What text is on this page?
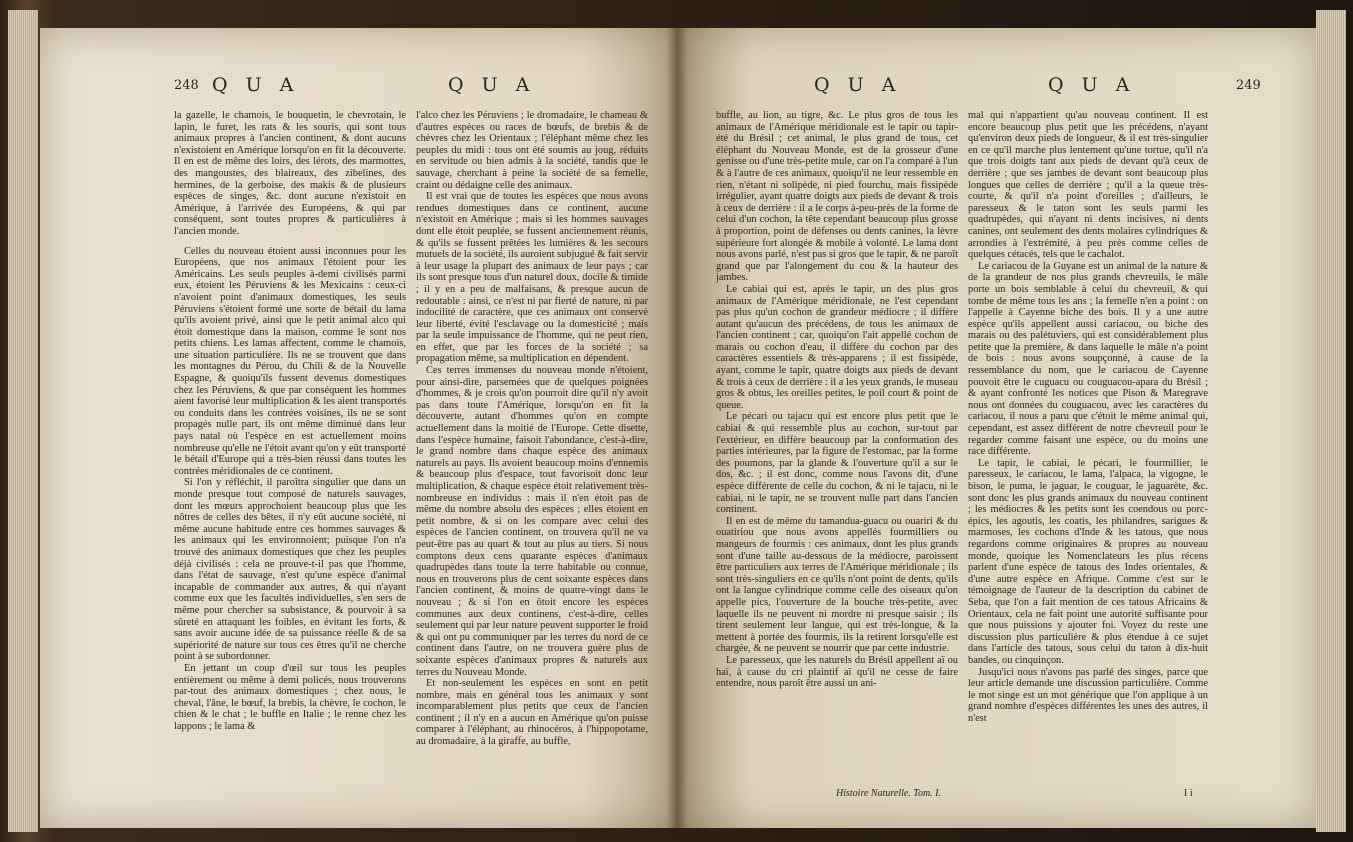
248 Q U A	Q U A

la gazelle, le chamois, le bouquetin, le chevrotain, le lapin, le furet, les rats & les souris, qui sont tous animaux propres à l'ancien continent, & dont aucuns n'existoient en Amérique lorsqu'on en fit la découverte. Il en est de même des loirs, des lérots, des marmottes, des mangoustes, des blaireaux, des zibelines, des hermines, de la gerboise, des makis & de plusieurs espèces de singes, &c. dont aucune n'existoit en Amérique, à l'arrivée des Européens, & qui par conséquent, sont toutes propres & particulières à l'ancien monde.

Celles du nouveau étoient aussi inconnues pour les Européens, que nos animaux l'étoient pour les Américains. Les seuls peuples à-demi civilisés parmi eux, étoient les Péruviens & les Mexicains : ceux-ci n'avoient point d'animaux domestiques, les seuls Péruviens s'étoient formé une sorte de bétail du lama qu'ils avoient privé, ainsi que le petit animal alco qui étoit domestique dans la maison, comme le sont nos petits chiens. Les lamas affectent, comme le chamois, une situation particulière. Ils ne se trouvent que dans les montagnes du Pérou, du Chili & de la Nouvelle Espagne, & quoiqu'ils fussent devenus domestiques chez les Péruviens, & que par conséquent les hommes aient favorisé leur multiplication & les aient transportés ou conduits dans les contrées voisines, ils ne se sont propagés nulle part, ils ont même diminué dans leur pays natal où l'espèce en est actuellement moins nombreuse qu'elle ne l'étoit avant qu'on y eût transporté le bétail d'Europe qui a très-bien réussi dans toutes les contrées méridionales de ce continent.

Si l'on y réfléchit, il paroîtra singulier que dans un monde presque tout composé de naturels sauvages, dont les mœurs approchoient beaucoup plus que les nôtres de celles des bêtes, il n'y eût aucune société, ni même aucune habitude entre ces hommes sauvages & les animaux qui les environnoient; puisque l'on n'a trouvé des animaux domestiques que chez les peuples déjà civilisés : cela ne prouve-t-il pas que l'homme, dans l'état de sauvage, n'est qu'une espèce d'animal incapable de commander aux autres, & qui n'ayant comme eux que les facultés individuelles, s'en sers de même pour chercher sa subsistance, & pourvoir à sa sûreté en attaquant les foibles, en évitant les forts, & sans avoir aucune idée de sa puissance réelle & de sa supériorité de nature sur tous ces êtres qu'il ne cherche point à se subordonner.

En jettant un coup d'œil sur tous les peuples entièrement ou même à demi policés, nous trouverons par-tout des animaux domestiques ; chez nous, le cheval, l'âne, le bœuf, la brebis, la chèvre, le cochon, le chien & le chat ; le buffle en Italie ; le renne chez les lappons ; le lama &

l'alco chez les Péruviens ; le dromadaire, le chameau & d'autres espèces ou races de bœufs, de brebis & de chèvres chez les Orientaux ; l'éléphant même chez les peuples du midi : tous ont été soumis au joug, réduits en servitude ou bien admis à la société, tandis que le sauvage, cherchant à peine la société de sa femelle, craint ou dédaigne celle des animaux.

Il est vrai que de toutes les espèces que nous avons rendues domestiques dans ce continent, aucune n'existoit en Amérique ; mais si les hommes sauvages dont elle étoit peuplée, se fussent anciennement réunis, & qu'ils se fussent prêtées les lumières & les secours mutuels de la société, ils auroient subjugué & fait servir à leur usage la plupart des animaux de leur pays ; car ils sont presque tous d'un naturel doux, docile & timide ; il y en a peu de malfaisans, & presque aucun de redoutable : ainsi, ce n'est ni par fierté de nature, ni par indocilité de caractère, que ces animaux ont conservé leur liberté, évité l'esclavage ou la domesticité ; mais par la seule impuissance de l'homme, qui ne peut rien, en effet, que par les forces de la société ; sa propagation même, sa multiplication en dépendent.

Ces terres immenses du nouveau monde n'étoient, pour ainsi-dire, parsemées que de quelques poignées d'hommes, & je crois qu'on pourroit dire qu'il n'y avoit pas dans toute l'Amérique, lorsqu'on en fit la découverte, autant d'hommes qu'on en compte actuellement dans la moitié de l'Europe. Cette disette, dans l'espèce humaine, faisoit l'abondance, c'est-à-dire, le grand nombre dans chaque espèce des animaux naturels au pays. Ils avoient beaucoup moins d'ennemis & beaucoup plus d'espace, tout favorisoit donc leur multiplication, & chaque espèce étoit relativement très-nombreuse en individus : mais il n'en étoit pas de même du nombre absolu des espèces ; elles étoient en petit nombre, & si on les compare avec celui des espèces de l'ancien continent, on trouvera qu'il ne va peut-être pas au quart & tout au plus au tiers. Si nous comptons deux cens quarante espèces d'animaux quadrupèdes dans toute la terre habitable ou connue, nous en trouverons plus de cent soixante espèces dans l'ancien continent, & moins de quatre-vingt dans le nouveau ; & si l'on en ôtoit encore les espèces communes aux deux continens, c'est-à-dire, celles seulement qui par leur nature peuvent supporter le froid & qui ont pu communiquer par les terres du nord de ce continent dans l'autre, on ne trouvera guère plus de soixante espèces d'animaux propres & naturels aux terres du Nouveau Monde.

Et non-seulement les espèces en sont en petit nombre, mais en général tous les animaux y sont incomparablement plus petits que ceux de l'ancien continent ; il n'y en a aucun en Amérique qu'on puisse comparer à l'éléphant, au rhinocéros, à l'hippopotame, au dromadaire, à la giraffe, au buffle,

Q U A	Q U A	249

buffle, au lion, au tigre, &c. Le plus gros de tous les animaux de l'Amérique méridionale est le tapir ou tapir-été du Brésil ; cet animal, le plus grand de tous, cet éléphant du Nouveau Monde, est de la grosseur d'une genisse ou d'une très-petite mule, car on l'a comparé à l'un & à l'autre de ces animaux, quoiqu'il ne leur ressemble en rien, n'étant ni solipède, ni pied fourchu, mais fissipède irrégulier, ayant quatre doigts aux pieds de devant & trois à ceux de derrière : il a le corps à-peu-près de la forme de celui d'un cochon, la tête cependant beaucoup plus grosse à proportion, point de défenses ou dents canines, la lèvre supérieure fort alongée & mobile à volonté. Le lama dont nous avons parlé, n'est pas si gros que le tapir, & ne paroît grand que par l'alongement du cou & la hauteur des jambes.

Le cabiai qui est, après le tapir, un des plus gros animaux de l'Amérique méridionale, ne l'est cependant pas plus qu'un cochon de grandeur médiocre ; il diffère autant qu'aucun des précédens, de tous les animaux de l'ancien continent ; car, quoiqu'on l'ait appellé cochon de marais ou cochon d'eau, il diffère du cochon par des caractères essentiels & très-apparens ; il est fissipède, ayant, comme le tapir, quatre doigts aux pieds de devant & trois à ceux de derrière : il a les yeux grands, le museau gros & obtus, les oreilles petites, le poil court & point de queue.

Le pécari ou tajacu qui est encore plus petit que le cabiai & qui ressemble plus au cochon, sur-tout par l'extérieur, en diffère beaucoup par la conformation des parties intérieures, par la figure de l'estomac, par la forme des poumons, par la glande & l'ouverture qu'il a sur le dos, &c. ; il est donc, comme nous l'avons dit, d'une espèce différente de celle du cochon, & ni le tajacu, ni le cabiai, ni le tapir, ne se trouvent nulle part dans l'ancien continent.

Il en est de même du tamandua-guacu ou ouariri & du ouatiriou que nous avons appellés fourmilliers ou mangeurs de fourmis : ces animaux, dont les plus grands sont d'une taille au-dessous de la médiocre, paroissent être particuliers aux terres de l'Amérique méridionale ; ils sont très-singuliers en ce qu'ils n'ont point de dents, qu'ils ont la langue cylindrique comme celle des oiseaux qu'on appelle pics, l'ouverture de la bouche très-petite, avec laquelle ils ne peuvent ni mordre ni presque saisir ; ils tirent seulement leur langue, qui est très-longue, & la mettent à portée des fourmis, ils la retirent lorsqu'elle est chargée, & ne peuvent se nourrir que par cette industrie.

Le paresseux, que les naturels du Brésil appellent aï ou haï, à cause du cri plaintif aï qu'il ne cesse de faire entendre, nous paroît être aussi un ani-

Histoire Naturelle. Tom. I.

mal qui n'appartient qu'au nouveau continent. Il est encore beaucoup plus petit que les précédens, n'ayant qu'environ deux pieds de longueur, & il est très-singulier en ce qu'il marche plus lentement qu'une tortue, qu'il n'a que trois doigts tant aux pieds de devant qu'à ceux de derrière ; que ses jambes de devant sont beaucoup plus longues que celles de derrière ; qu'il a la queue très-courte, & qu'il n'a point d'oreilles ; d'ailleurs, le paresseux & le taton sont les seuls parmi les quadrupèdes, qui n'ayant ni dents incisives, ni dents canines, ont seulement des dents molaires cylindriques & arrondies à l'extrémité, à peu près comme celles de quelques cétacés, tels que le cachalot.

Le cariacou de la Guyane est un animal de la nature & de la grandeur de nos plus grands chevreuils, le mâle porte un bois semblable à celui du chevreuil, & qui tombe de même tous les ans ; la femelle n'en a point : on l'appelle à Cayenne biche des bois. Il y a une autre espèce qu'ils appellent aussi cariacou, ou biche des marais ou des palétuviers, qui est considérablement plus petite que la première, & dans laquelle le mâle n'a point de bois : nous avons soupçonné, à cause de la ressemblance du nom, que le cariacou de Cayenne pouvoit être le cuguacu ou couguacou-apara du Brésil ; & ayant confronté les notices que Pison & Maregrave nous ont données du couguacou, avec les caractères du cariacou, il nous a paru que c'étoit le même animal qui, cependant, est assez différent de notre chevreuil pour le regarder comme faisant une espèce, ou du moins une race différente.

Le tapir, le cabiai, le pécari, le fourmillier, le paresseux, le cariacou, le lama, l'alpaca, la vigogne, le bison, le puma, le jaguar, le couguar, le jaguarète, &c. sont donc les plus grands animaux du nouveau continent ; les médiocres & les petits sont les coendous ou porc-épics, les agoutis, les coatis, les philandres, sarigues & marmoses, les cochons d'Inde & les tatous, que nous regardons comme originaires & propres au nouveau monde, quoique les Nomenclateurs les plus récens parlent d'une espèce de tatous des Indes orientales, & d'une autre espèce en Afrique. Comme c'est sur le témoignage de l'auteur de la description du cabinet de Seba, que l'on a fait mention de ces tatous Africains & Orientaux, cela ne fait point une autorité suffisante pour que nous puissions y ajouter foi. Voyez du reste une discussion plus particulière & plus étendue à ce sujet dans l'article des tatous, sous celui du taton à dix-huit bandes, ou cinquinçon.

Jusqu'ici nous n'avons pas parlé des singes, parce que leur article demande une discussion particulière. Comme le mot singe est un mot générique que l'on applique à un grand nombre d'espèces différentes les unes des autres, il n'est

I i
